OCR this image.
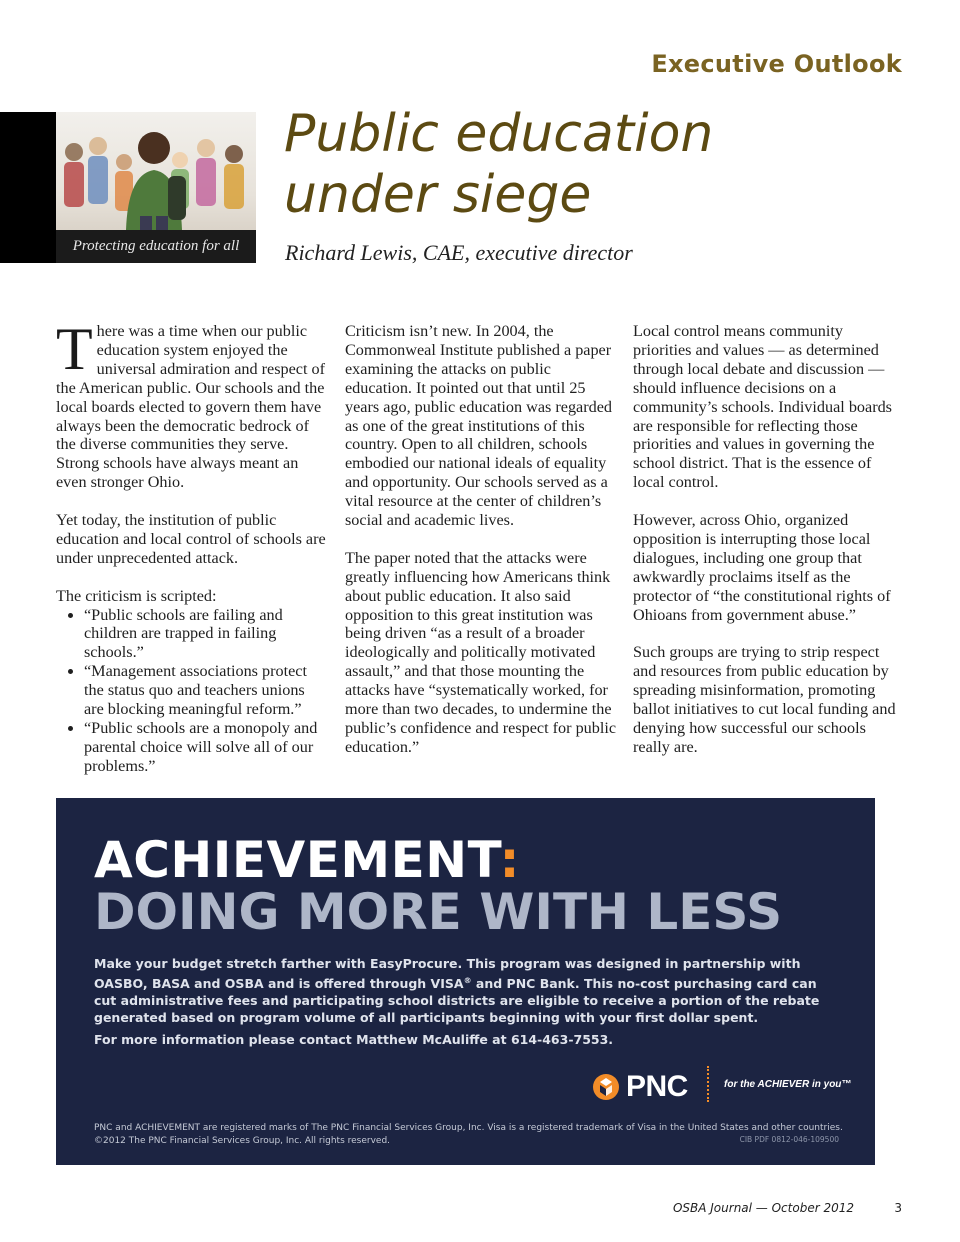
Executive Outlook
Protecting education for all
Public education
under siege
Richard Lewis, CAE, executive director

There was a time when our public education system enjoyed the universal admiration and respect of the American public. Our schools and the local boards elected to govern them have always been the democratic bedrock of the diverse communities they serve. Strong schools have always meant an even stronger Ohio.

Yet today, the institution of public education and local control of schools are under unprecedented attack.

The criticism is scripted:

• “Public schools are failing and children are trapped in failing schools.”
• “Management associations protect the status quo and teachers unions are blocking meaningful reform.”
• “Public schools are a monopoly and parental choice will solve all of our problems.”

Criticism isn’t new. In 2004, the Commonweal Institute published a paper examining the attacks on public education. It pointed out that until 25 years ago, public education was regarded as one of the great institutions of this country. Open to all children, schools embodied our national ideals of equality and opportunity. Our schools served as a vital resource at the center of children’s social and academic lives.

The paper noted that the attacks were greatly influencing how Americans think about public education. It also said opposition to this great institution was being driven “as a result of a broader ideologically and politically motivated assault,” and that those mounting the attacks have “systematically worked, for more than two decades, to undermine the public’s confidence and respect for public education.”

Local control means community priorities and values — as determined through local debate and discussion — should influence decisions on a community’s schools. Individual boards are responsible for reflecting those priorities and values in governing the school district. That is the essence of local control.

However, across Ohio, organized opposition is interrupting those local dialogues, including one group that awkwardly proclaims itself as the protector of “the constitutional rights of Ohioans from government abuse.”

Such groups are trying to strip respect and resources from public education by spreading misinformation, promoting ballot initiatives to cut local funding and denying how successful our schools really are.

ACHIEVEMENT:
DOING MORE WITH LESS
Make your budget stretch farther with EasyProcure. This program was designed in partnership with OASBO, BASA and OSBA and is offered through VISA® and PNC Bank. This no-cost purchasing card can cut administrative fees and participating school districts are eligible to receive a portion of the rebate generated based on program volume of all participants beginning with your first dollar spent.
For more information please contact Matthew McAuliffe at 614-463-7553.
PNC	for the ACHIEVER in you™
PNC and ACHIEVEMENT are registered marks of The PNC Financial Services Group, Inc. Visa is a registered trademark of Visa in the United States and other countries.
©2012 The PNC Financial Services Group, Inc. All rights reserved.	CIB PDF 0812-046-109500
OSBA Journal — October 2012	3
